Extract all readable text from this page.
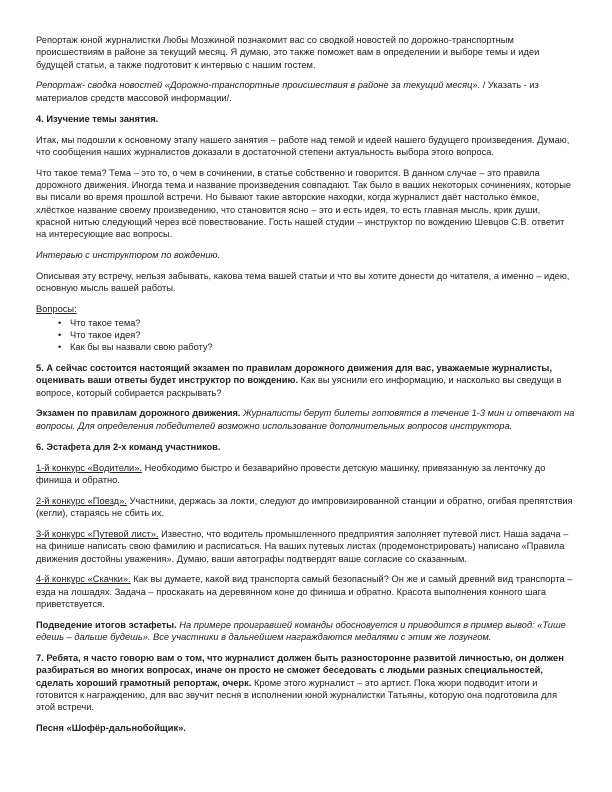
Репортаж юной журналистки Любы Мозжиной познакомит вас со сводкой новостей по дорожно-транспортным происшествиям в районе за текущий месяц. Я думаю, это также поможет вам в определении и выборе темы и идеи будущей статьи, а также подготовит к интервью с нашим гостем.

Репортаж- сводка новостей «Дорожно-транспортные происшествия в районе за текущий месяц». / Указать - из материалов средств массовой информации/.

4. Изучение темы занятия.

Итак, мы подошли к основному этапу нашего занятия – работе над темой и идеей нашего будущего произведения. Думаю, что сообщения наших журналистов доказали в достаточной степени актуальность выбора этого вопроса.

Что такое тема? Тема – это то, о чем в сочинении, в статье собственно и говорится. В данном случае – это правила дорожного движения. Иногда тема и название произведения совпадают. Так было в ваших некоторых сочинениях, которые вы писали во время прошлой встречи. Но бывают такие авторские находки, когда журналист даёт настолько ёмкое, хлёсткое название своему произведению, что становится ясно – это и есть идея, то есть главная мысль, крик души, красной нитью следующий через всё повествование. Гость нашей студии – инструктор по вождению Шевцов С.В. ответит на интересующие вас вопросы.

Интервью с инструктором по вождению.

Описывая эту встречу, нельзя забывать, какова тема вашей статьи и что вы хотите донести до читателя, а именно – идею, основную мысль вашей работы.

Вопросы:

• Что такое тема?
• Что такое идея?
• Как бы вы назвали свою работу?

5. А сейчас состоится настоящий экзамен по правилам дорожного движения для вас, уважаемые журналисты, оценивать ваши ответы будет инструктор по вождению. Как вы уяснили его информацию, и насколько вы сведущи в вопросе, который собирается раскрывать?

Экзамен по правилам дорожного движения. Журналисты берут билеты готовятся в течение 1-3 мин и отвечают на вопросы. Для определения победителей возможно использование дополнительных вопросов инструктора.

6. Эстафета для 2-х команд участников.

1-й конкурс «Водители». Необходимо быстро и безаварийно провести детскую машинку, привязанную за ленточку до финиша и обратно.

2-й конкурс «Поезд». Участники, держась за локти, следуют до импровизированной станции и обратно, огибая препятствия (кегли), стараясь не сбить их.

3-й конкурс «Путевой лист». Известно, что водитель промышленного предприятия заполняет путевой лист. Наша задача – на финише написать свою фамилию и расписаться. На ваших путевых листах (продемонстрировать) написано «Правила движения достойны уважения». Думаю, ваши автографы подтвердят ваше согласие со сказанным.

4-й конкурс «Скачки». Как вы думаете, какой вид транспорта самый безопасный? Он же и самый древний вид транспорта – езда на лошадях. Задача – проскакать на деревянном коне до финиша и обратно. Красота выполнения конного шага приветствуется.

Подведение итогов эстафеты. На примере проигравшей команды обосновуется и приводится в пример вывод: «Тише едешь – дальше будешь». Все участники в дальнейшем награждаются медалями с этим же лозунгом.

7. Ребята, я часто говорю вам о том, что журналист должен быть разносторонне развитой личностью, он должен разбираться во многих вопросах, иначе он просто не сможет беседовать с людьми разных специальностей, сделать хороший грамотный репортаж, очерк. Кроме этого журналист – это артист. Пока жюри подводит итоги и готовится к награждению, для вас звучит песня в исполнении юной журналистки Татьяны, которую она подготовила для этой встречи.

Песня «Шофёр-дальнобойщик».
